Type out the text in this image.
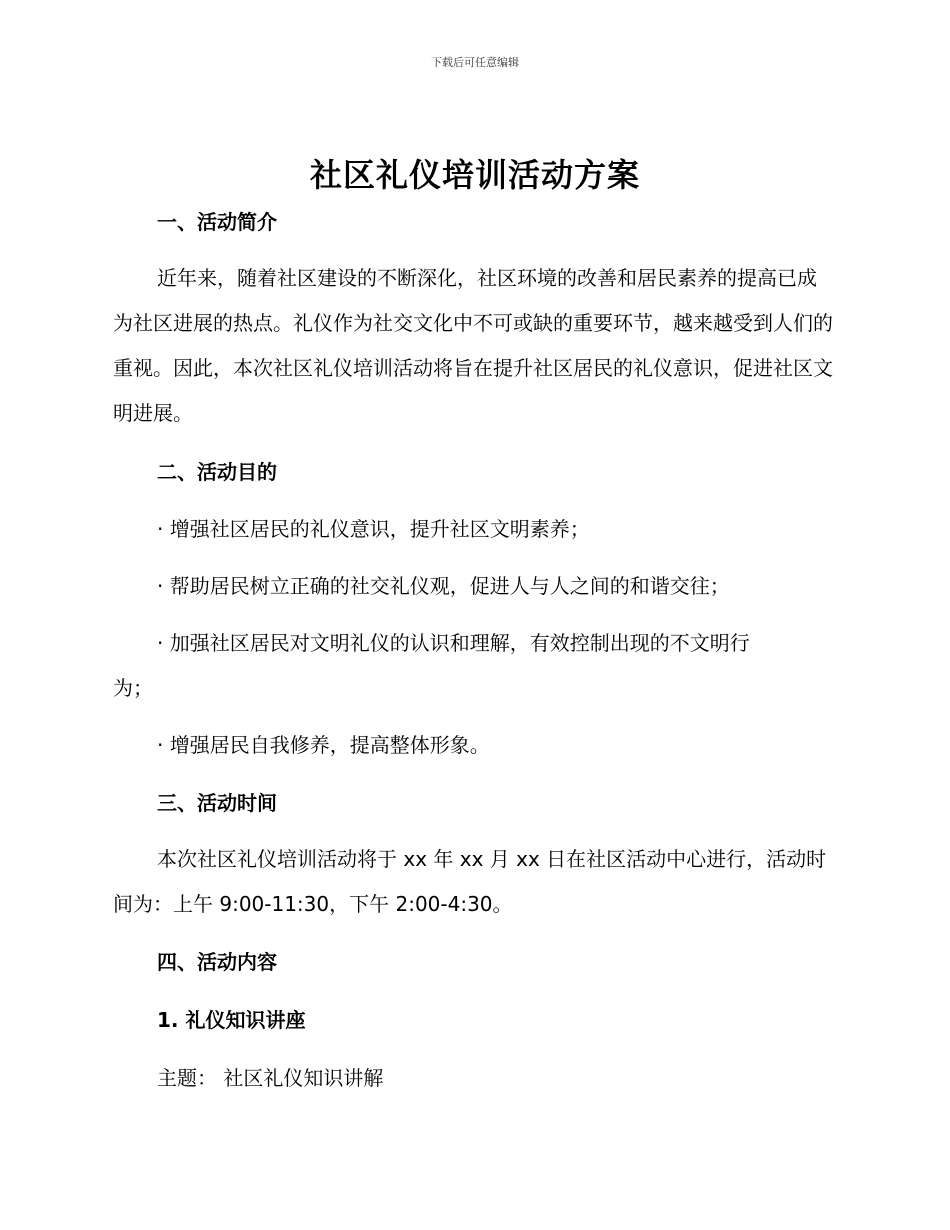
下载后可任意编辑
社区礼仪培训活动方案
一、活动简介

近年来，随着社区建设的不断深化，社区环境的改善和居民素养的提高已成为社区进展的热点。礼仪作为社交文化中不可或缺的重要环节，越来越受到人们的重视。因此，本次社区礼仪培训活动将旨在提升社区居民的礼仪意识，促进社区文明进展。

二、活动目的
· 增强社区居民的礼仪意识，提升社区文明素养；
· 帮助居民树立正确的社交礼仪观，促进人与人之间的和谐交往；
· 加强社区居民对文明礼仪的认识和理解，有效控制出现的不文明行
为；
· 增强居民自我修养，提高整体形象。
三、活动时间

本次社区礼仪培训活动将于 xx 年 xx 月 xx 日在社区活动中心进行，活动时间为：上午 9:00-11:30，下午 2:00-4:30。

四、活动内容
1. 礼仪知识讲座
主题： 社区礼仪知识讲解
